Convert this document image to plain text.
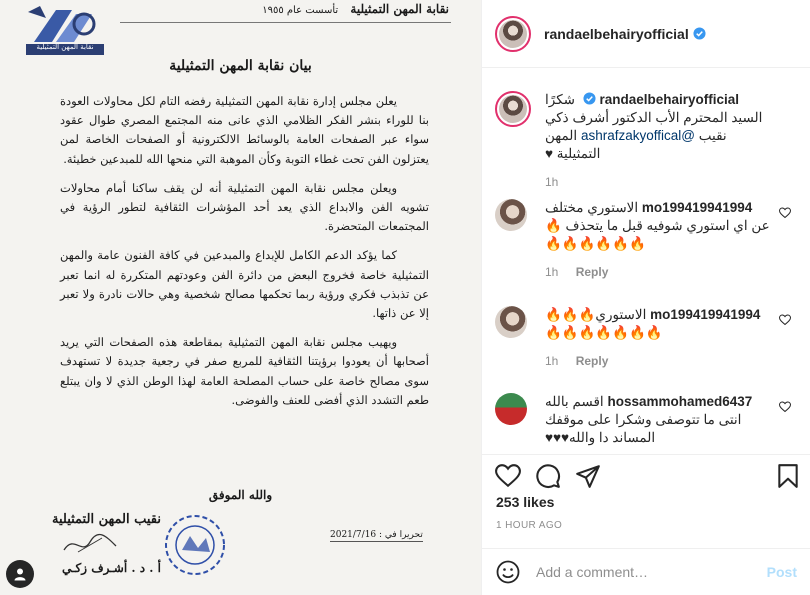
نقابة المهن التمثيلية
نقابة المهن التمثيلية تأسست عام ١٩٥٥
بيان نقابة المهن التمثيلية

يعلن مجلس إدارة نقابة المهن التمثيلية رفضه التام لكل محاولات العودة بنا للوراء بنشر الفكر الظلامي الذي عانى منه المجتمع المصري طوال عقود سواء عبر الصفحات العامة بالوسائط الالكترونية أو الصفحات الخاصة لمن يعتزلون الفن تحت غطاء التوبة وكأن الموهبة التي منحها الله للمبدعين خطيئة.

ويعلن مجلس نقابة المهن التمثيلية أنه لن يقف ساكنا أمام محاولات تشويه الفن والابداع الذي يعد أحد المؤشرات الثقافية لتطور الرؤية في المجتمعات المتحضرة.

كما يؤكد الدعم الكامل للإبداع والمبدعين في كافة الفنون عامة والمهن التمثيلية خاصة فخروج البعض من دائرة الفن وعودتهم المتكررة له انما تعبر عن تذبذب فكري ورؤية ربما تحكمها مصالح شخصية وهي حالات نادرة ولا تعبر إلا عن ذاتها.

ويهيب مجلس نقابة المهن التمثيلية بمقاطعة هذه الصفحات التي يريد أصحابها أن يعودوا برؤيتنا الثقافية للمربع صفر في رجعية جديدة لا تستهدف سوى مصالح خاصة على حساب المصلحة العامة لهذا الوطن الذي لا وان يبتلع طعم التشدد الذي أفضى للعنف والفوضى.

والله الموفق
نقيب المهن التمثيلية
تحريرا في : 2021/7/16
أ . د . أشـرف زكـي
randaelbehairyofficial
randaelbehairyofficial  شكرًا السيد المحترم الأب الدكتور أشرف ذكي نقيب @ashrafzakyoffical المهن التمثيلية ♥
1h
mo199419941994 الاستوري مختلف عن اي استوري شوفيه قبل ما يتحذف 🔥🔥🔥🔥🔥🔥🔥
1h Reply
mo199419941994 الاستوري🔥🔥🔥 🔥🔥🔥🔥🔥🔥🔥
1h Reply
hossammohamed6437 اقسم بالله انتى ما تتوصفى وشكرا على موقفك المساند دا والله♥♥♥
253 likes
1 HOUR AGO
Add a comment…
Post
